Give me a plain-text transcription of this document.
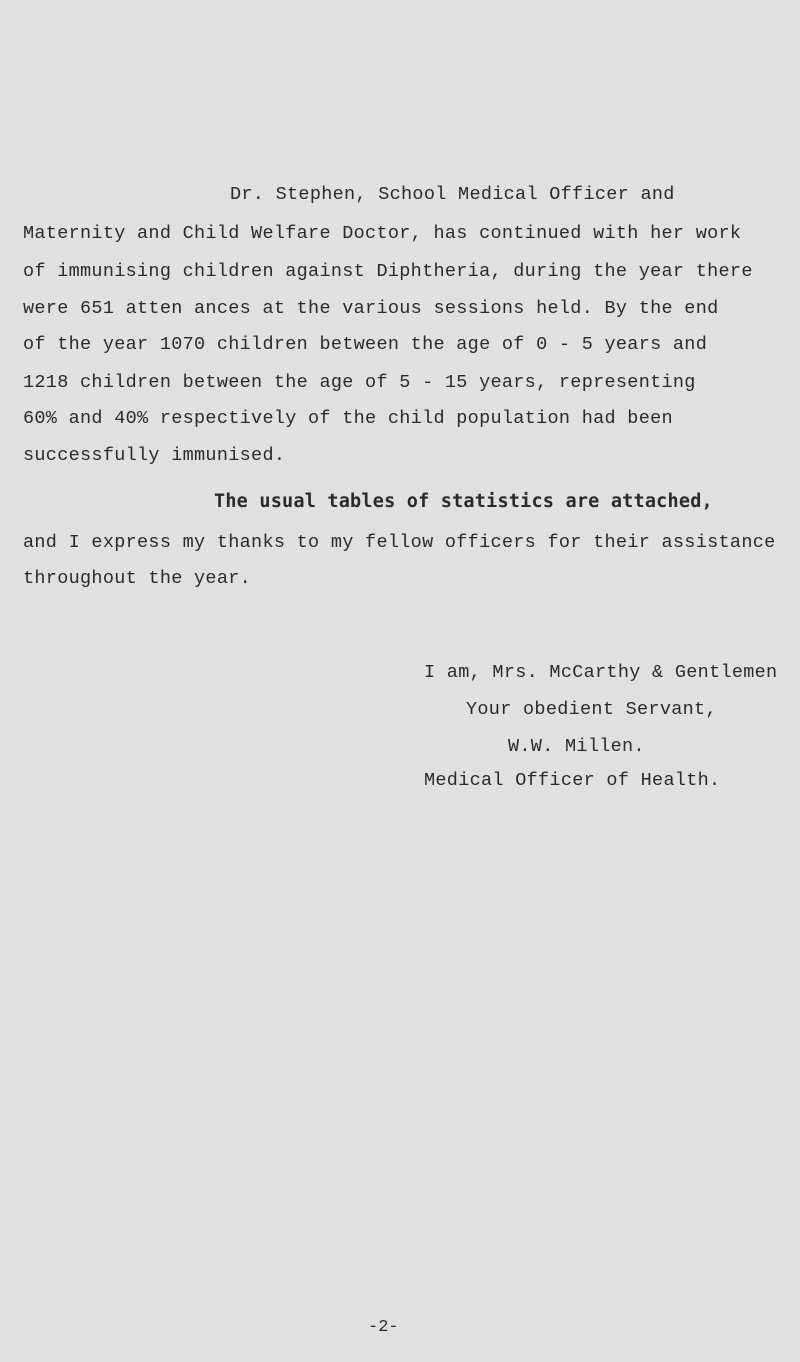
Dr. Stephen, School Medical Officer and
Maternity and Child Welfare Doctor, has continued with her work
of immunising children against Diphtheria, during the year there
were 651 atten ances at the various sessions held. By the end
of the year 1070 children between the age of 0 - 5 years and
1218 children between the age of 5 - 15 years, representing
60% and 40% respectively of the child population had been
successfully immunised.
The usual tables of statistics are attached,
and I express my thanks to my fellow officers for their assistance
throughout the year.
I am, Mrs. McCarthy & Gentlemen
Your obedient Servant,
W.W. Millen.
Medical Officer of Health.
-2-
